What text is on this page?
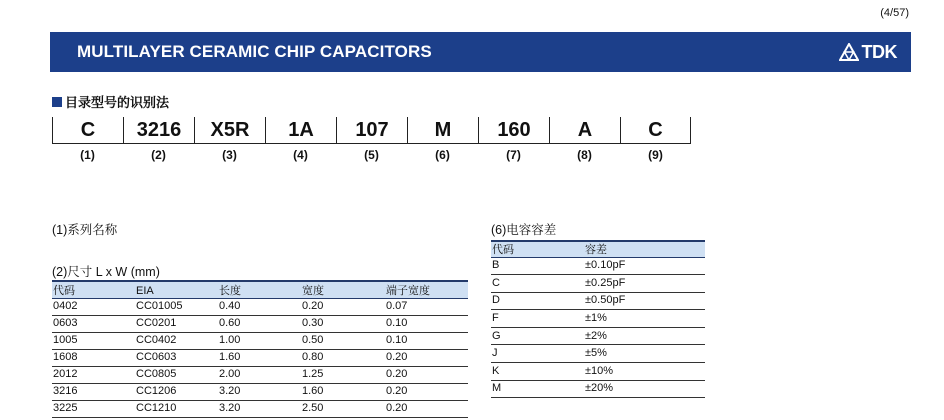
(4/57)
MULTILAYER CERAMIC CHIP CAPACITORS	TDK
目录型号的识别法
C	3216	X5R	1A	107	M	160	A	C
(1)	(2)	(3)	(4)	(5)	(6)	(7)	(8)	(9)
(1)系列名称
(2)尺寸 L x W (mm)
(6)电容容差
代码	EIA	长度	宽度	端子宽度
0402	CC01005	0.40	0.20	0.07
0603	CC0201	0.60	0.30	0.10
1005	CC0402	1.00	0.50	0.10
1608	CC0603	1.60	0.80	0.20
2012	CC0805	2.00	1.25	0.20
3216	CC1206	3.20	1.60	0.20
3225	CC1210	3.20	2.50	0.20
代码	容差
B	±0.10pF
C	±0.25pF
D	±0.50pF
F	±1%
G	±2%
J	±5%
K	±10%
M	±20%
